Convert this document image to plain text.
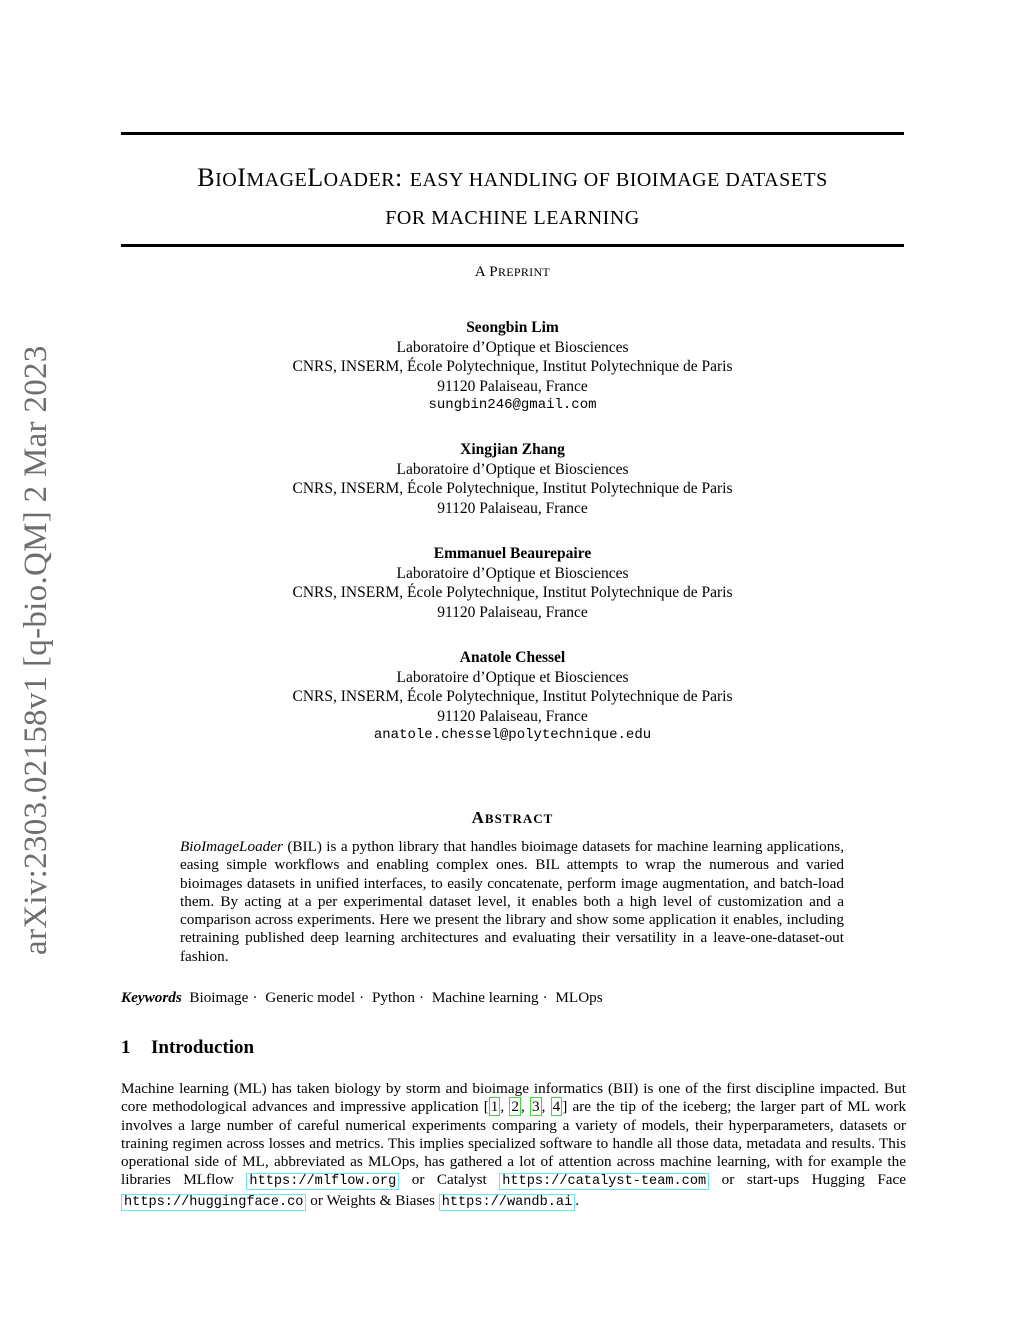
arXiv:2303.02158v1 [q-bio.QM] 2 Mar 2023
BIOIMAGELOADER: EASY HANDLING OF BIOIMAGE DATASETS
FOR MACHINE LEARNING
A PREPRINT
Seongbin Lim
Laboratoire d’Optique et Biosciences
CNRS, INSERM, École Polytechnique, Institut Polytechnique de Paris
91120 Palaiseau, France
sungbin246@gmail.com
Xingjian Zhang
Laboratoire d’Optique et Biosciences
CNRS, INSERM, École Polytechnique, Institut Polytechnique de Paris
91120 Palaiseau, France
Emmanuel Beaurepaire
Laboratoire d’Optique et Biosciences
CNRS, INSERM, École Polytechnique, Institut Polytechnique de Paris
91120 Palaiseau, France
Anatole Chessel
Laboratoire d’Optique et Biosciences
CNRS, INSERM, École Polytechnique, Institut Polytechnique de Paris
91120 Palaiseau, France
anatole.chessel@polytechnique.edu
ABSTRACT
BioImageLoader (BIL) is a python library that handles bioimage datasets for machine learning applications, easing simple workflows and enabling complex ones. BIL attempts to wrap the numerous and varied bioimages datasets in unified interfaces, to easily concatenate, perform image augmentation, and batch-load them. By acting at a per experimental dataset level, it enables both a high level of customization and a comparison across experiments. Here we present the library and show some application it enables, including retraining published deep learning architectures and evaluating their versatility in a leave-one-dataset-out fashion.
Keywords Bioimage · Generic model · Python · Machine learning · MLOps
1 Introduction
Machine learning (ML) has taken biology by storm and bioimage informatics (BII) is one of the first discipline impacted. But core methodological advances and impressive application [ 1 , 2 , 3 , 4 ] are the tip of the iceberg; the larger part of ML work involves a large number of careful numerical experiments comparing a variety of models, their hyperparameters, datasets or training regimen across losses and metrics. This implies specialized software to handle all those data, metadata and results. This operational side of ML, abbreviated as MLOps, has gathered a lot of attention across machine learning, with for example the libraries MLflow https://mlflow.org or Catalyst https://catalyst-team.com or start-ups Hugging Face https://huggingface.co or Weights & Biases https://wandb.ai .
